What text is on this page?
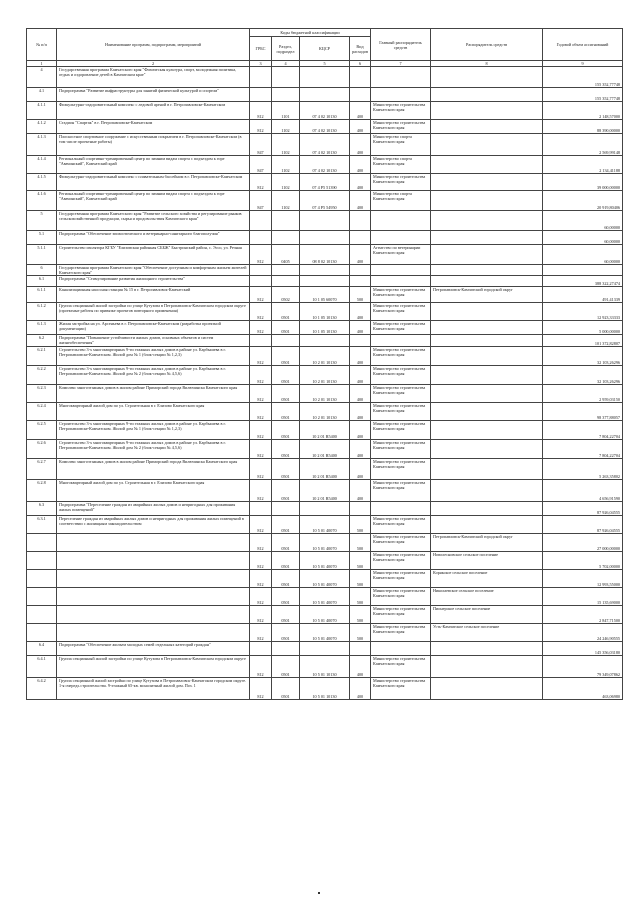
№ п/п	Наименование программ, подпрограмм, мероприятий	Коды бюджетной классификации				Главный распорядитель средств	Распорядитель средств	Годовой объем ассигнований
		ГРБС	Раздел, подраздел	КЦСР	Вид расходов			
1	2	3	4	5	6	7	8	9
4	Государственная программа Камчатского края "Физическая культура, спорт, молодежная политика, отдых и оздоровление детей в Камчатском крае"							155 352,77748
4.1	Подпрограмма "Развитие инфраструктуры для занятий физической культурой и спортом"							155 352,77748
4.1.1	Физкультурно-оздоровительный комплекс с ледовой ареной в г. Петропавловске-Камчатском	812	1101	07 4 02 10130	400	Министерство строительства Камчатского края		2 148,57000
4.1.2	Стадион "Спартак" в г. Петропавловске-Камчатском	812	1102	07 4 02 10130	400	Министерство строительства Камчатского края		88 390,00000
4.1.3	Плоскостное спортивное сооружение с искусственным покрытием в г. Петропавловске-Камчатском (в том числе проектные работы)	847	1102	07 4 02 10130	400	Министерство спорта Камчатского края		2 569,99148
4.1.4	Региональный спортивно-тренировочный центр по зимним видам спорта с подъездом к горе "Авачинский", Камчатский край	847	1102	07 4 02 10130	400	Министерство спорта Камчатского края		2 134,41188
4.1.5	Физкультурно-оздоровительный комплекс с плавательным бассейном в г. Петропавловске-Камчатском	812	1102	07 4 P5 51390	400	Министерство строительства Камчатского края		39 000,00000
4.1.6	Региональный спортивно-тренировочный центр по зимним видам спорта с подъездом к горе "Авачинский", Камчатский край	847	1102	07 4 P5 54950	400	Министерство спорта Камчатского края		20 919,80406
5	Государственная программа Камчатского края "Развитие сельского хозяйства и регулирование рынков сельскохозяйственной продукции, сырья и продовольствия Камчатского края"							60,00000
5.1	Подпрограмма "Обеспечение эпизоотического и ветеринарно-санитарного благополучия"							60,00000
5.1.1	Строительство изолятора КГБУ "Елизовская районная СББЖ" Быстринский район, с. Эссо, ул. Речная	812	0405	08 8 02 10130	400	Агентство по ветеринарии Камчатского края		60,00000
6	Государственная программа Камчатского края "Обеспечение доступным и комфортным жильем жителей Камчатского края"							
6.1	Подпрограмма "Стимулирование развития жилищного строительства"							388 322,27474
6.1.1	Канализационная насосная станция № 15 в г. Петропавловск-Камчатский	812	0502	10 1 05 60070	500	Министерство строительства Камчатского края	Петропавловск-Камчатский городской округ	491,41339
6.1.2	Группа секционный жилой застройки по улице Кутузова в Петропавловск-Камчатском городском округе (проектные работы по привязке проектов повторного применения)	812	0501	10 1 05 10130	400	Министерство строительства Камчатского края		12 923,33333
6.1.3	Жилая застройка на ул. Арсеньева в г. Петропавловске-Камчатском (разработка проектной документации)	812	0501	10 1 05 10130	400	Министерство строительства Камчатского края		5 000,00000
6.2	Подпрограмма "Повышение устойчивости жилых домов, основных объектов и систем жизнеобеспечения"							101 372,82807
6.2.1	Строительство 3-х многоквартирных 9-ти этажных жилых домов в районе ул. Карбышева в г. Петропавловске-Камчатском. Жилой дом № 1 (блок-секции № 1,2,3)	812	0501	10 2 01 10130	400	Министерство строительства Камчатского края		32 103,26296
6.2.2	Строительство 3-х многоквартирных 9-ти этажных жилых домов в районе ул. Карбышева в г. Петропавловске-Камчатском. Жилой дом № 2 (блок-секции № 4,5,6)	812	0501	10 2 01 10130	400	Министерство строительства Камчатского края		32 103,26296
6.2.3	Комплекс многоэтажных домов в жилом районе Приморский города Вилючинска Камчатского края	812	0501	10 2 01 10130	400	Министерство строительства Камчатского края		2 959,03150
6.2.4	Многоквартирный жилой дом по ул. Строительная в г. Елизово Камчатского края	812	0501	10 2 01 10130	400	Министерство строительства Камчатского края		98 377,88057
6.2.5	Строительство 3-х многоквартирных 9-ти этажных жилых домов в районе ул. Карбышева в г. Петропавловске-Камчатском. Жилой дом № 1 (блок-секции № 1,2,3)	812	0501	10 2 01 R5400	400	Министерство строительства Камчатского края		7 804,22704
6.2.6	Строительство 3-х многоквартирных 9-ти этажных жилых домов в районе ул. Карбышева в г. Петропавловске-Камчатском. Жилой дом № 2 (блок-секции № 4,5,6)	812	0501	10 2 01 R5400	400	Министерство строительства Камчатского края		7 804,22704
6.2.7	Комплекс многоэтажных домов в жилом районе Приморский города Вилючинска Камчатского края	812	0501	10 2 01 R5400	400	Министерство строительства Камчатского края		5 263,35802
6.2.8	Многоквартирный жилой дом по ул. Строительная в г. Елизово Камчатского края	812	0501	10 2 01 R5400	400	Министерство строительства Камчатского края		4 656,91590
6.3	Подпрограмма "Переселение граждан из аварийных жилых домов и непригодных для проживания жилых помещений"							87 926,04555
6.3.1	Переселение граждан из аварийных жилых домов и непригодных для проживания жилых помещений в соответствии с жилищным законодательством	812	0501	10 5 01 40070	500	Министерство строительства Камчатского края		87 926,04555
		812	0501	10 5 01 40070	500	Министерство строительства Камчатского края	Петропавловск-Камчатский городской округ	27 000,00000
		812	0501	10 5 01 40070	500	Министерство строительства Камчатского края	Новолесновское сельское поселение	5 702,00000
		812	0501	10 5 01 40070	500	Министерство строительства Камчатского края	Корякское сельское поселение	12 993,55000
		812	0501	10 5 01 40070	500	Министерство строительства Камчатского края	Николаевское сельское поселение	15 135,69000
		812	0501	10 5 01 40070	500	Министерство строительства Камчатского края	Пионерское сельское поселение	2 847,71500
		812	0501	10 5 01 40070	500	Министерство строительства Камчатского края	Усть-Камчатское сельское поселение	24 246,90555
6.4	Подпрограмма "Обеспечение жильем молодых семей отдельных категорий граждан"							145 356,03180
6.4.1	Группа секционный жилой застройки по улице Кутузова в Петропавловск-Камчатском городском округе	812	0501	10 5 01 10130	400	Министерство строительства Камчатского края		79 349,07862
6.4.2	Группа секционной жилой застройки по улице Кутузова в Петропавловск-Камчатском городском округе. 1-я очередь строительства. 9-этажный 65-кв. монолитный жилой дом. Поз. 1	812	0501	10 5 01 10130	400	Министерство строительства Камчатского края		463,06980
